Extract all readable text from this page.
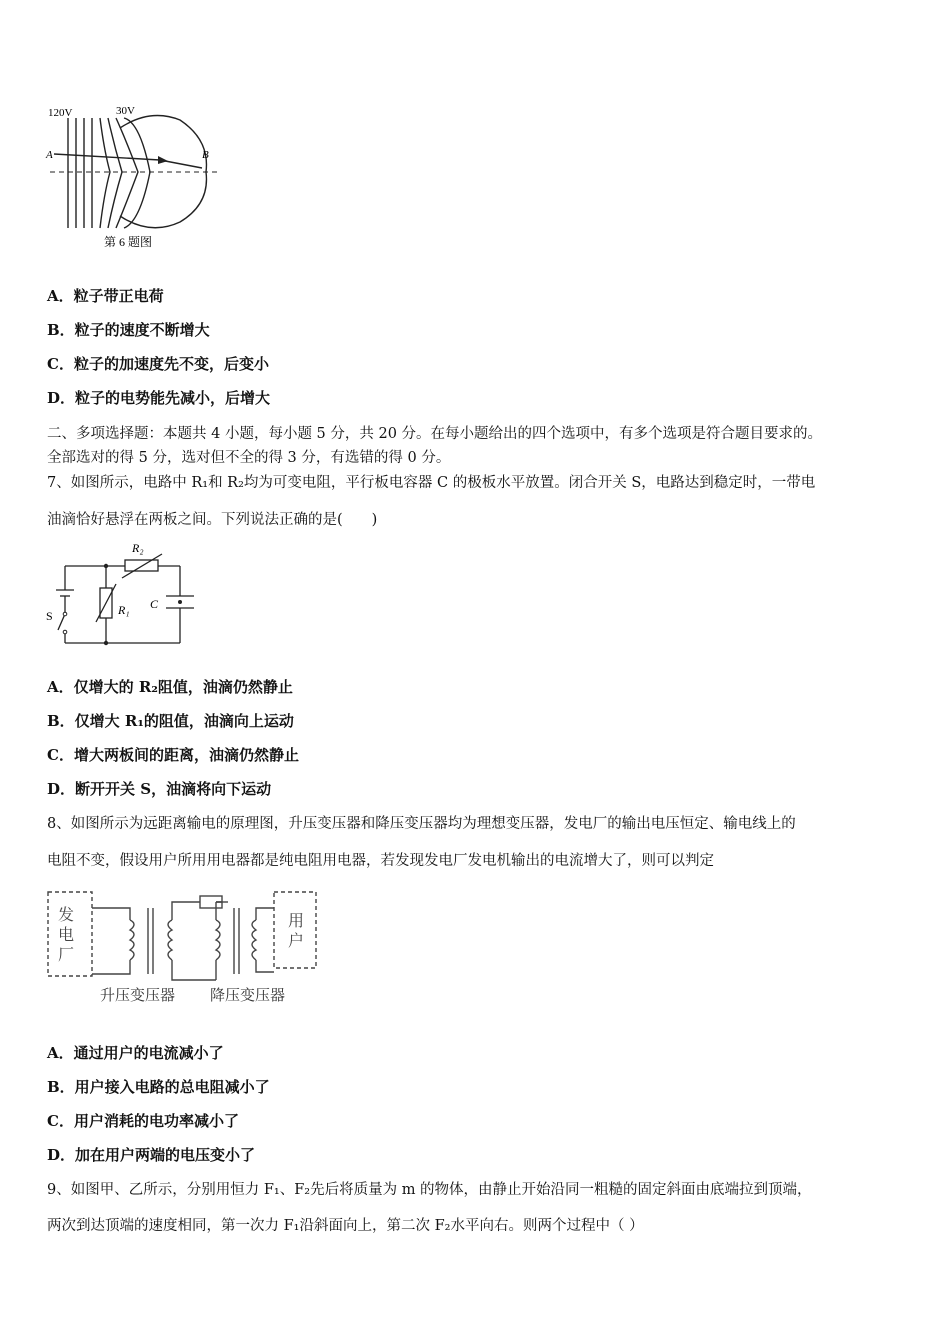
120V	30V
A	B
第 6 题图
A．粒子带正电荷
B．粒子的速度不断增大
C．粒子的加速度先不变，后变小
D．粒子的电势能先减小，后增大
二、多项选择题：本题共 4 小题，每小题 5 分，共 20 分。在每小题给出的四个选项中，有多个选项是符合题目要求的。
全部选对的得 5 分，选对但不全的得 3 分，有选错的得 0 分。
7、如图所示，电路中 R₁和 R₂均为可变电阻，平行板电容器 C 的极板水平放置。闭合开关 S，电路达到稳定时，一带电
油滴恰好悬浮在两板之间。下列说法正确的是(　　)
R₂
R₁ C
S
A．仅增大的 R₂阻值，油滴仍然静止
B．仅增大 R₁的阻值，油滴向上运动
C．增大两板间的距离，油滴仍然静止
D．断开开关 S，油滴将向下运动
8、如图所示为远距离输电的原理图，升压变压器和降压变压器均为理想变压器，发电厂的输出电压恒定、输电线上的
电阻不变，假设用户所用用电器都是纯电阻用电器，若发现发电厂发电机输出的电流增大了，则可以判定
发
电
厂
用
户
升压变压器 降压变压器
A．通过用户的电流减小了
B．用户接入电路的总电阻减小了
C．用户消耗的电功率减小了
D．加在用户两端的电压变小了
9、如图甲、乙所示，分别用恒力 F₁、F₂先后将质量为 m 的物体，由静止开始沿同一粗糙的固定斜面由底端拉到顶端，
两次到达顶端的速度相同，第一次力 F₁沿斜面向上，第二次 F₂水平向右。则两个过程中（ ）
